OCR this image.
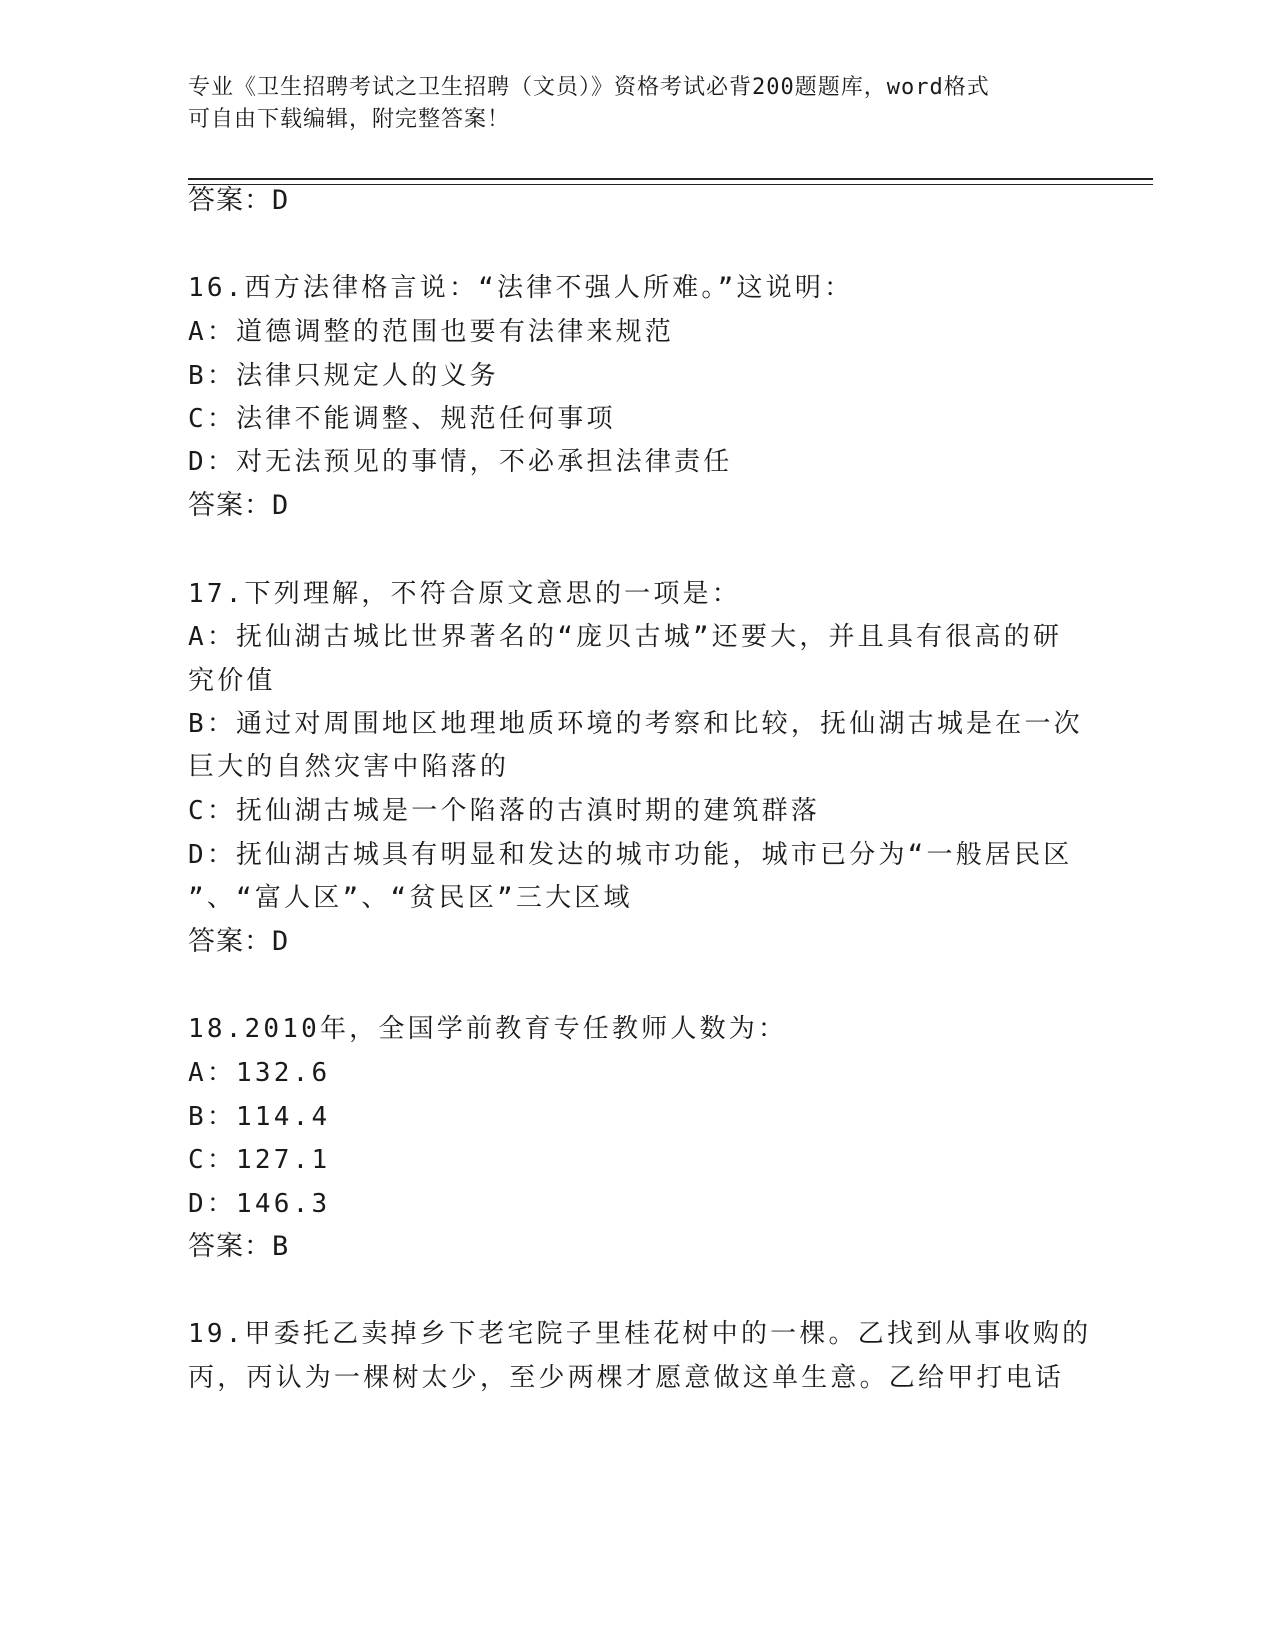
专业《卫生招聘考试之卫生招聘（文员）》资格考试必背200题题库，word格式
可自由下载编辑，附完整答案！
答案：D
16.西方法律格言说：“法律不强人所难。”这说明：
A：道德调整的范围也要有法律来规范
B：法律只规定人的义务
C：法律不能调整、规范任何事项
D：对无法预见的事情，不必承担法律责任
答案：D
17.下列理解，不符合原文意思的一项是：
A：抚仙湖古城比世界著名的“庞贝古城”还要大，并且具有很高的研
究价值
B：通过对周围地区地理地质环境的考察和比较，抚仙湖古城是在一次
巨大的自然灾害中陷落的
C：抚仙湖古城是一个陷落的古滇时期的建筑群落
D：抚仙湖古城具有明显和发达的城市功能，城市已分为“一般居民区
”、“富人区”、“贫民区”三大区域
答案：D
18.2010年，全国学前教育专任教师人数为：
A：132.6
B：114.4
C：127.1
D：146.3
答案：B
19.甲委托乙卖掉乡下老宅院子里桂花树中的一棵。乙找到从事收购的
丙，丙认为一棵树太少，至少两棵才愿意做这单生意。乙给甲打电话
